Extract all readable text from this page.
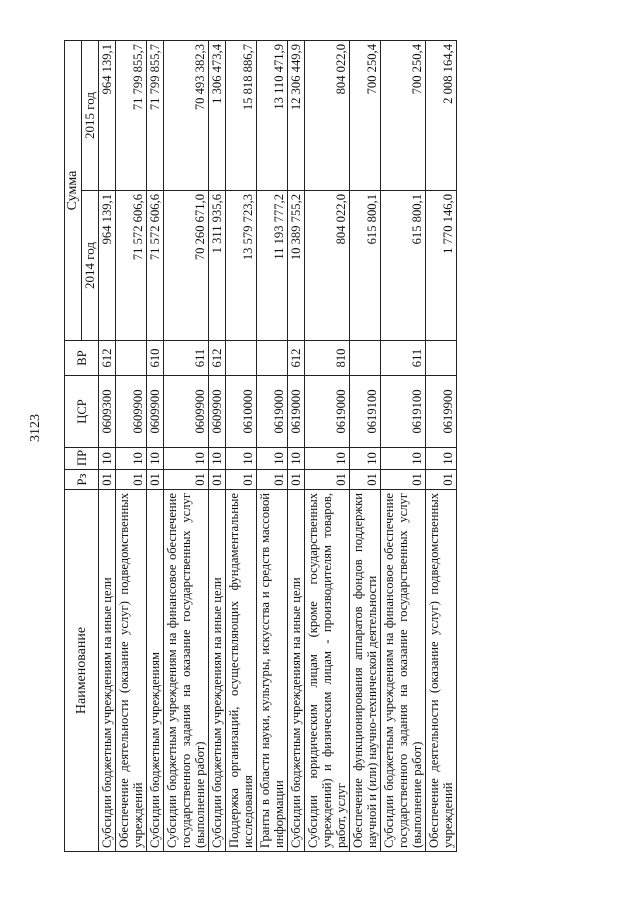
3123
Наименование	Рз	ПР	ЦСР	ВР	Сумма	
					2014 год	2015 год
Субсидии бюджетным учреждениям на иные цели	01	10	0609300	612	964 139,1	964 139,1
Обеспечение деятельности (оказание услуг) подведомственных учреждений	01	10	0609900		71 572 606,6	71 799 855,7
Субсидии бюджетным учреждениям	01	10	0609900	610	71 572 606,6	71 799 855,7
Субсидии бюджетным учреждениям на финансовое обеспечение государственного задания на оказание государственных услуг (выполнение работ)	01	10	0609900	611	70 260 671,0	70 493 382,3
Субсидии бюджетным учреждениям на иные цели	01	10	0609900	612	1 311 935,6	1 306 473,4
Поддержка организаций, осуществляющих фундаментальные исследования	01	10	0610000		13 579 723,3	15 818 886,7
Гранты в области науки, культуры, искусства и средств массовой информации	01	10	0619000		11 193 777,2	13 110 471,9
Субсидии бюджетным учреждениям на иные цели	01	10	0619000	612	10 389 755,2	12 306 449,9
Субсидии юридическим лицам (кроме государственных учреждений) и физическим лицам - производителям товаров, работ, услуг	01	10	0619000	810	804 022,0	804 022,0
Обеспечение функционирования аппаратов фондов поддержки научной и (или) научно-технической деятельности	01	10	0619100		615 800,1	700 250,4
Субсидии бюджетным учреждениям на финансовое обеспечение государственного задания на оказание государственных услуг (выполнение работ)	01	10	0619100	611	615 800,1	700 250,4
Обеспечение деятельности (оказание услуг) подведомственных учреждений	01	10	0619900		1 770 146,0	2 008 164,4
